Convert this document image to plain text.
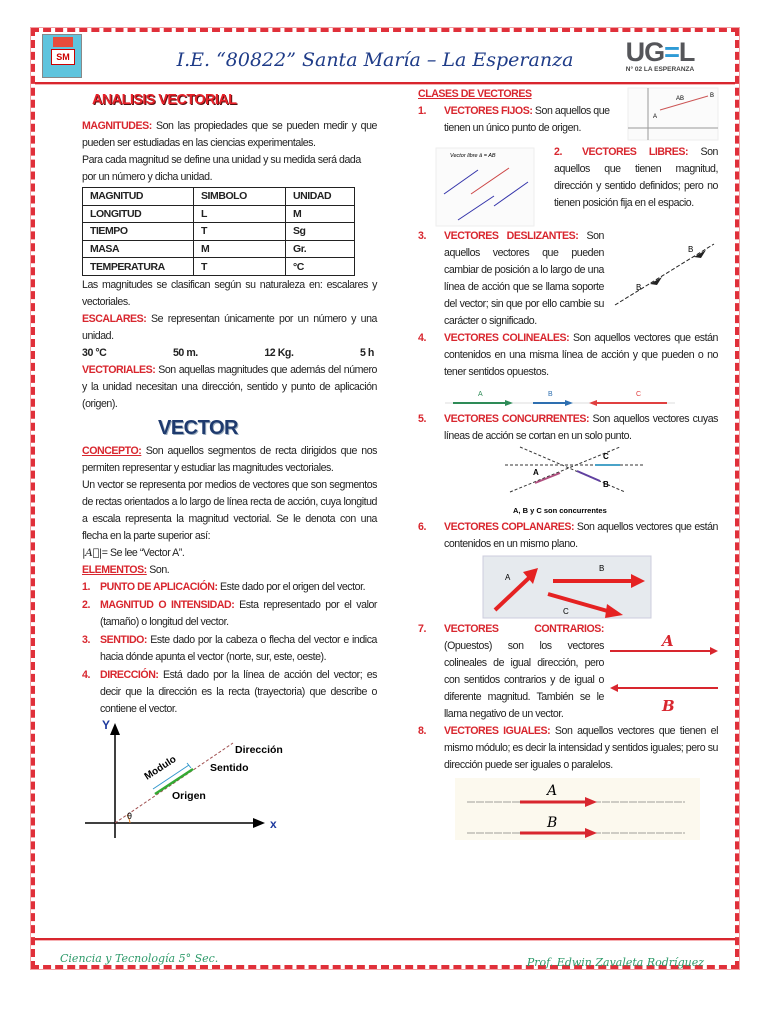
SM	I.E. “80822” Santa María – La Esperanza	UG=L
N° 02 LA ESPERANZA
ANALISIS VECTORIAL
MAGNITUDES: Son las propiedades que se pueden medir y que pueden ser estudiadas en las ciencias experimentales.
Para cada magnitud se define una unidad y su medida será dada por un número y dicha unidad.
MAGNITUD	SIMBOLO	UNIDAD
LONGITUD	L	M
TIEMPO	T	Sg
MASA	M	Gr.
TEMPERATURA	T	°C
Las magnitudes se clasifican según su naturaleza en: escalares y vectoriales.
ESCALARES: Se representan únicamente por un número y una unidad.
30 °C	50 m.	12 Kg.	5 h
VECTORIALES: Son aquellas magnitudes que además del número y la unidad necesitan una dirección, sentido y punto de aplicación (origen).
VECTOR
CONCEPTO: Son aquellos segmentos de recta dirigidos que nos permiten representar y estudiar las magnitudes vectoriales.
Un vector se representa por medios de vectores que son segmentos de rectas orientados a lo largo de línea recta de acción, cuya longitud a escala representa la magnitud vectorial. Se le denota con una flecha en la parte superior así:
|A⃗|= Se lee “Vector A”.
ELEMENTOS: Son.
1. PUNTO DE APLICACIÓN: Este dado por el origen del vector.
2. MAGNITUD O INTENSIDAD: Esta representado por el valor (tamaño) o longitud del vector.
3. SENTIDO: Este dado por la cabeza o flecha del vector e indica hacia dónde apunta el vector (norte, sur, este, oeste).
4. DIRECCIÓN: Está dado por la línea de acción del vector; es decir que la dirección es la recta (trayectoria) que describe o contiene el vector.
Y
x
θ
Modulo
Dirección
Sentido
Origen
A
B
AB
CLASES DE VECTORES
1. VECTORES FIJOS: Son aquellos que tienen un único punto de origen.
Vector libre ā = AB	2. VECTORES LIBRES: Son aquellos que tienen magnitud, dirección y sentido definidos; pero no tienen posición fija en el espacio.
B
B
3. VECTORES DESLIZANTES: Son aquellos vectores que pueden cambiar de posición a lo largo de una línea de acción que se llama soporte del vector; sin que por ello cambie su carácter o significado.
4. VECTORES COLINEALES: Son aquellos vectores que están contenidos en una misma línea de acción y que pueden o no tener sentidos opuestos.
A	B	C
5. VECTORES CONCURRENTES: Son aquellos vectores cuyas líneas de acción se cortan en un solo punto.
A
B
C
A, B y C son concurrentes
6. VECTORES COPLANARES: Son aquellos vectores que están contenidos en un mismo plano.
A
B
C
7. VECTORES CONTRARIOS: (Opuestos) son los vectores colineales de igual dirección, pero con sentidos contrarios y de igual o diferente magnitud. También se le llama negativo de un vector.
A
B
8. VECTORES IGUALES: Son aquellos vectores que tienen el mismo módulo; es decir la intensidad y sentidos iguales; pero su dirección puede ser iguales o paralelos.
A
B
Ciencia y Tecnología 5° Sec.	Prof. Edwin Zavaleta Rodríguez
